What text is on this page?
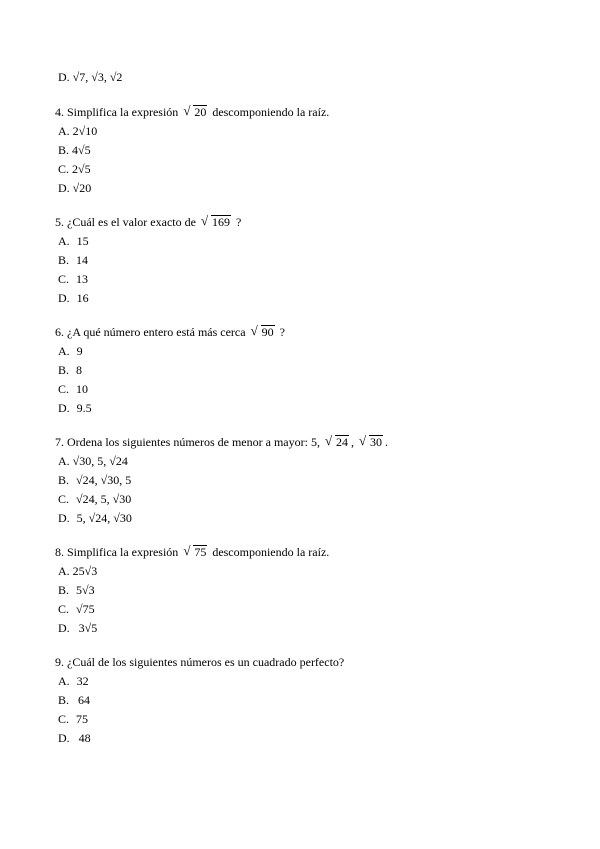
D. √7, √3, √2
4. Simplifica la expresión √ 20 descomponiendo la raíz.
A. 2√10
B. 4√5
C. 2√5
D. √20
5. ¿Cuál es el valor exacto de √ 169 ?
A. 15
B. 14
C. 13
D. 16
6. ¿A qué número entero está más cerca √ 90 ?
A. 9
B. 8
C. 10
D. 9.5
7. Ordena los siguientes números de menor a mayor: 5, √ 24 , √ 30 .
A. √30, 5, √24
B. √24, √30, 5
C. √24, 5, √30
D. 5, √24, √30
8. Simplifica la expresión √ 75 descomponiendo la raíz.
A. 25√3
B. 5√3
C. √75
D. 3√5
9. ¿Cuál de los siguientes números es un cuadrado perfecto?
A. 32
B. 64
C. 75
D. 48
